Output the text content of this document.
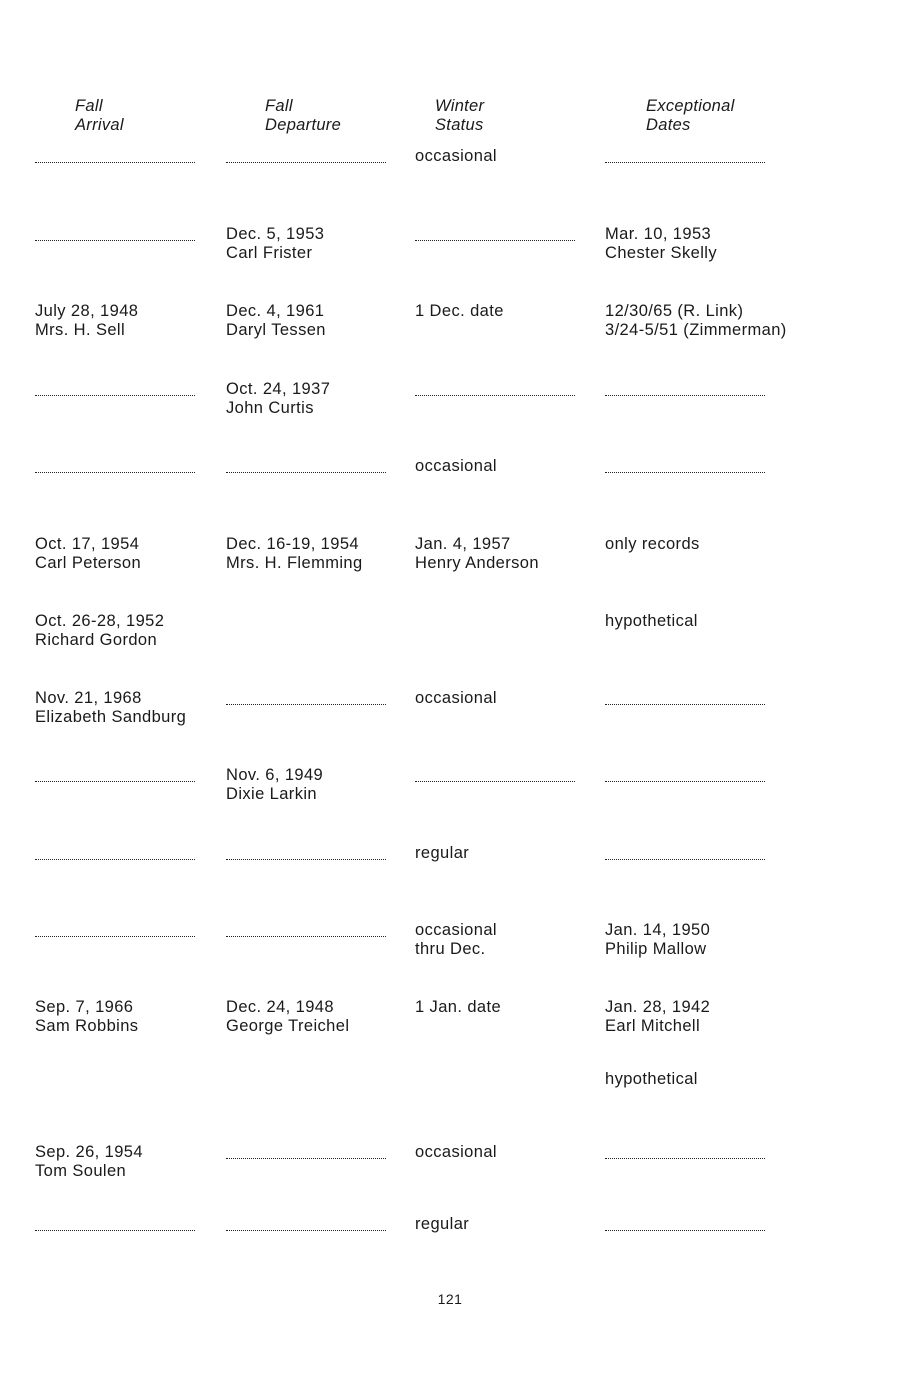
Fall
Arrival
Fall
Departure
Winter
Status
Exceptional
Dates
occasional
Dec. 5, 1953
Carl Frister
Mar. 10, 1953
Chester Skelly
July 28, 1948
Mrs. H. Sell
Dec. 4, 1961
Daryl Tessen
1 Dec. date	12/30/65 (R. Link)
3/24-5/51 (Zimmerman)
Oct. 24, 1937
John Curtis
occasional
Oct. 17, 1954
Carl Peterson
Dec. 16-19, 1954
Mrs. H. Flemming
Jan. 4, 1957
Henry Anderson
only records
Oct. 26-28, 1952
Richard Gordon
hypothetical
Nov. 21, 1968
Elizabeth Sandburg
occasional
Nov. 6, 1949
Dixie Larkin
regular
occasional
thru Dec.
Jan. 14, 1950
Philip Mallow
Sep. 7, 1966
Sam Robbins
Dec. 24, 1948
George Treichel
1 Jan. date	Jan. 28, 1942
Earl Mitchell
hypothetical
Sep. 26, 1954
Tom Soulen
occasional
regular
121
